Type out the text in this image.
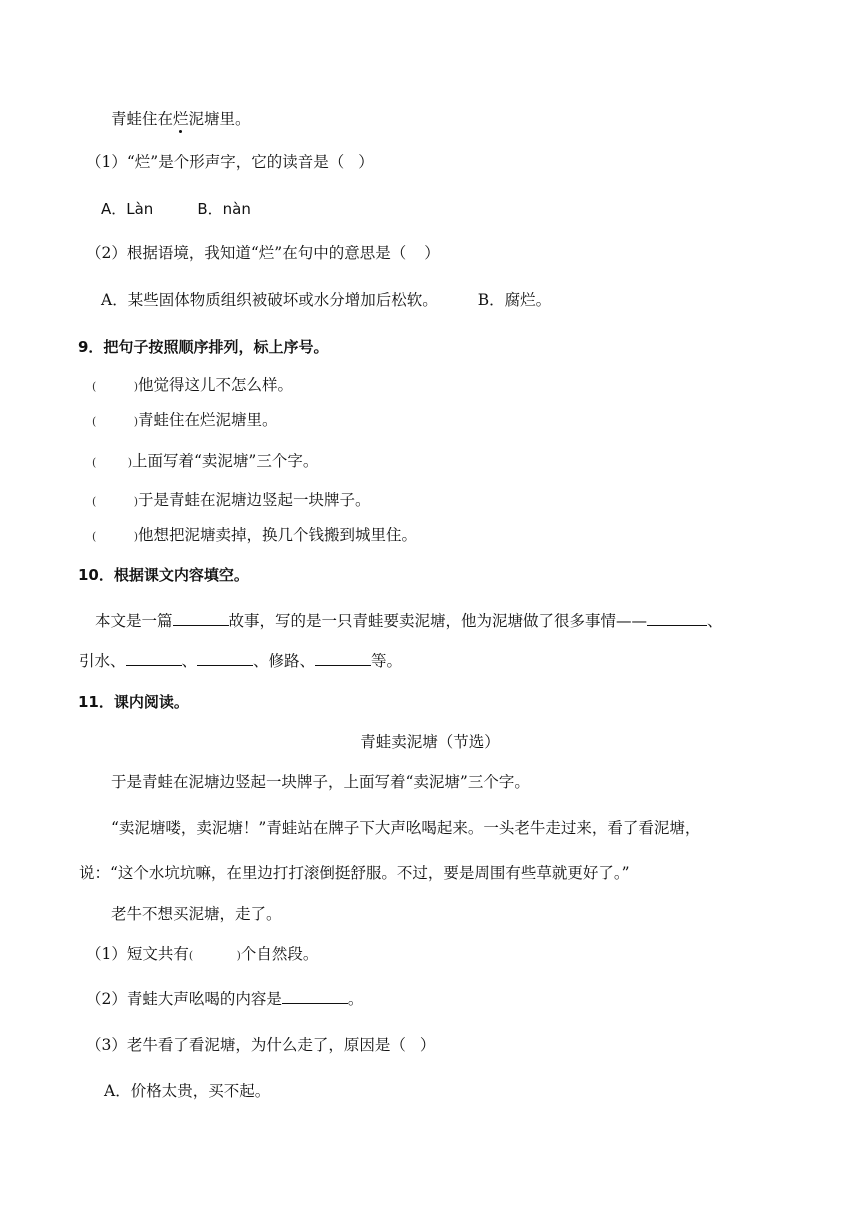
青蛙住在烂泥塘里。
（1）“烂”是个形声字，它的读音是（ ）
A．Làn	B．nàn
（2）根据语境，我知道“烂”在句中的意思是（ ）
A．某些固体物质组织被破坏或水分增加后松软。	B．腐烂。
9．把句子按照顺序排列，标上序号。
(	) 他觉得这儿不怎么样。
(	) 青蛙住在烂泥塘里。
(	) 上面写着“卖泥塘”三个字。
(	) 于是青蛙在泥塘边竖起一块牌子。
(	) 他想把泥塘卖掉，换几个钱搬到城里住。
10．根据课文内容填空。
本文是一篇	故事，写的是一只青蛙要卖泥塘，他为泥塘做了很多事情——	、
引水、	、	、修路、	等。
11．课内阅读。
青蛙卖泥塘（节选）
于是青蛙在泥塘边竖起一块牌子，上面写着“卖泥塘”三个字。
“卖泥塘喽，卖泥塘！”青蛙站在牌子下大声吆喝起来。一头老牛走过来，看了看泥塘，
说：“这个水坑坑嘛，在里边打打滚倒挺舒服。不过，要是周围有些草就更好了。”
老牛不想买泥塘，走了。
（1）短文共有(	) 个自然段。
（2）青蛙大声吆喝的内容是	。
（3）老牛看了看泥塘，为什么走了，原因是（ ）
A．价格太贵，买不起。
